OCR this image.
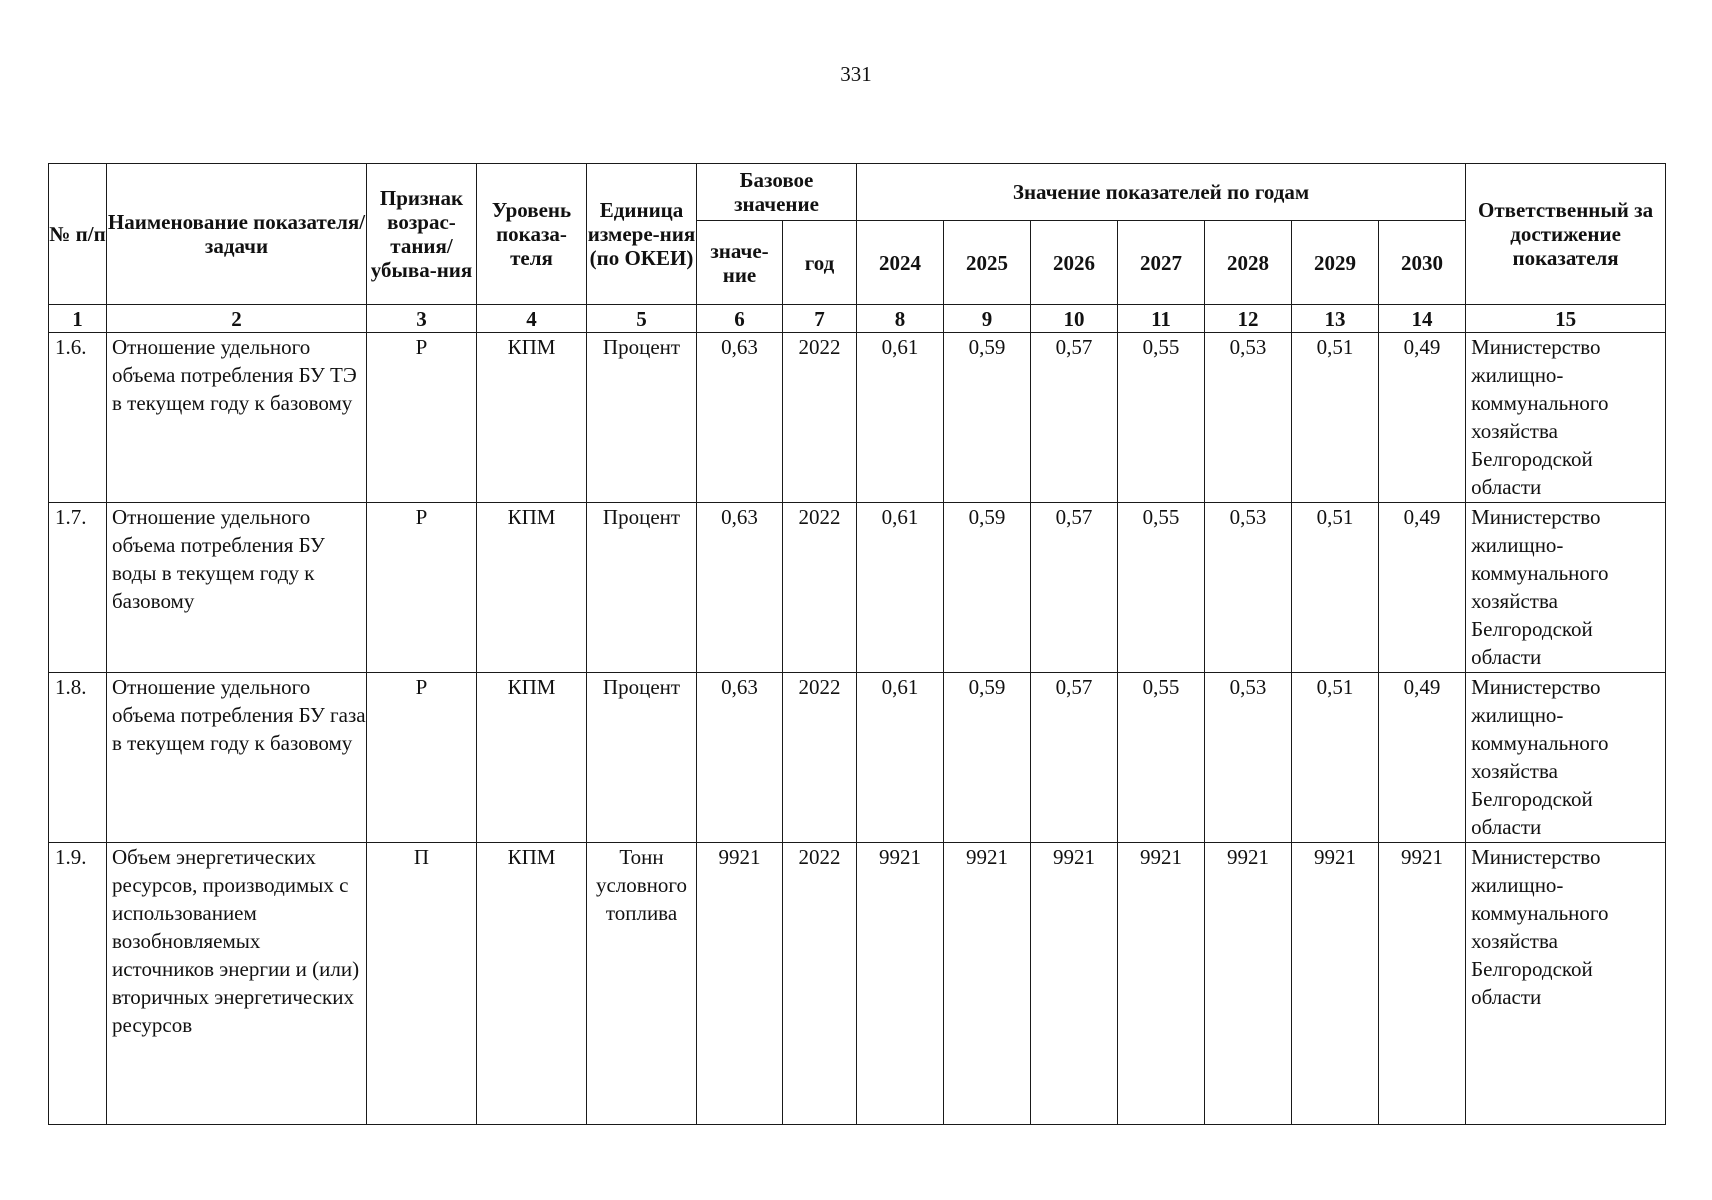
331
№ п/п	Наименование показателя/задачи	Признак возрас-тания/ убыва-ния	Уровень показа-теля	Единица измере-ния (по ОКЕИ)	Базовое значение		Значение показателей по годам							Ответственный за достижение показателя
					значе-ние	год	2024	2025	2026	2027	2028	2029	2030	
1	2	3	4	5	6	7	8	9	10	11	12	13	14	15
1.6.	Отношение удельного объема потребления БУ ТЭ в текущем году к базовому	Р	КПМ	Процент	0,63	2022	0,61	0,59	0,57	0,55	0,53	0,51	0,49	Министерство жилищно-коммунального хозяйства Белгородской области
1.7.	Отношение удельного объема потребления БУ воды в текущем году к базовому	Р	КПМ	Процент	0,63	2022	0,61	0,59	0,57	0,55	0,53	0,51	0,49	Министерство жилищно-коммунального хозяйства Белгородской области
1.8.	Отношение удельного объема потребления БУ газа в текущем году к базовому	Р	КПМ	Процент	0,63	2022	0,61	0,59	0,57	0,55	0,53	0,51	0,49	Министерство жилищно-коммунального хозяйства Белгородской области
1.9.	Объем энергетических ресурсов, производимых с использованием возобновляемых источников энергии и (или) вторичных энергетических ресурсов	П	КПМ	Тонн условного топлива	9921	2022	9921	9921	9921	9921	9921	9921	9921	Министерство жилищно-коммунального хозяйства Белгородской области
